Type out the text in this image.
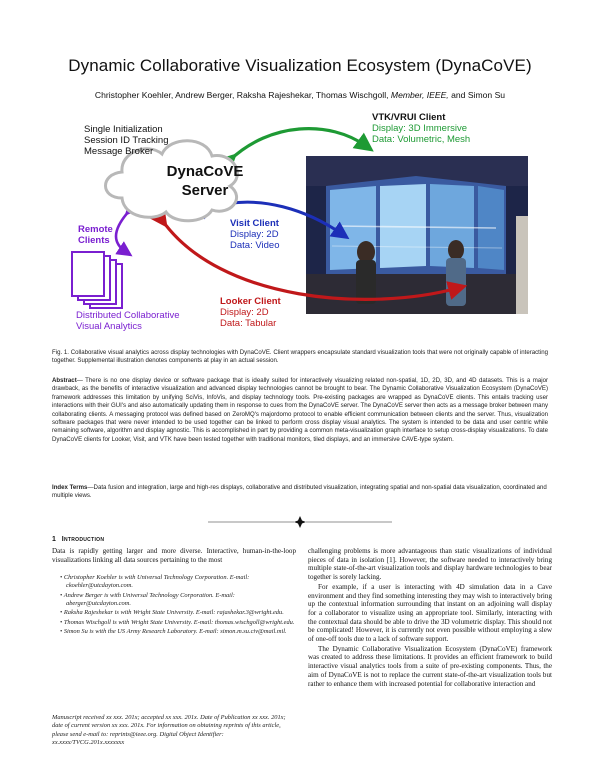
Dynamic Collaborative Visualization Ecosystem (DynaCoVE)
Christopher Koehler, Andrew Berger, Raksha Rajeshekar, Thomas Wischgoll, Member, IEEE, and Simon Su
Single Initialization
Session ID Tracking
Message Broker
DynaCoVE
Server
VTK/VRUI Client
Display: 3D Immersive
Data: Volumetric, Mesh
Visit Client
Display: 2D
Data: Video
Remote
Clients
Distributed Collaborative
Visual Analytics
Looker Client
Display: 2D
Data: Tabular
Fig. 1. Collaborative visual analytics across display technologies with DynaCoVE. Client wrappers encapsulate standard visualization tools that were not originally capable of interacting together. Supplemental illustration denotes components at play in an actual session.
Abstract— There is no one display device or software package that is ideally suited for interactively visualizing related non-spatial, 1D, 2D, 3D, and 4D datasets. This is a major drawback, as the benefits of interactive visualization and advanced display technologies cannot be brought to bear. The Dynamic Collaborative Visualization Ecosystem (DynaCoVE) framework addresses this limitation by unifying SciVis, InfoVis, and display technology tools. Pre-existing packages are wrapped as DynaCoVE clients. This entails tracking user interactions with their GUI's and also automatically updating them in response to cues from the DynaCoVE server. The DynaCoVE server then acts as a message broker between many collaborating clients. A messaging protocol was defined based on ZeroMQ's majordomo protocol to enable efficient communication between clients and the server. Thus, visualization software packages that were never intended to be used together can be linked to perform cross display visual analytics. The system is intended to be data and user centric while remaining software, algorithm and display agnostic. This is accomplished in part by providing a common meta-visualization graph interface to setup cross-display visualizations. To date DynaCoVE clients for Looker, Visit, and VTK have been tested together with traditional monitors, tiled displays, and an immersive CAVE-type system.
Index Terms—Data fusion and integration, large and high-res displays, collaborative and distributed visualization, integrating spatial and non-spatial data visualization, coordinated and multiple views.
1 Introduction
Data is rapidly getting larger and more diverse. Interactive, human-in-the-loop visualizations linking all data sources pertaining to the most
• Christopher Koehler is with Universal Technology Corporation. E-mail: ckoehler@utcdayton.com.
• Andrew Berger is with Universal Technology Corporation. E-mail: aberger@utcdayton.com.
• Raksha Rajeshekar is with Wright State University. E-mail: rajashekar.3@wright.edu.
• Thomas Wischgoll is with Wright State University. E-mail: thomas.wischgoll@wright.edu.
• Simon Su is with the US Army Research Laboratory. E-mail: simon.m.su.civ@mail.mil.
Manuscript received xx xxx. 201x; accepted xx xxx. 201x. Date of Publication xx xxx. 201x; date of current version xx xxx. 201x. For information on obtaining reprints of this article, please send e-mail to: reprints@ieee.org. Digital Object Identifier: xx.xxxx/TVCG.201x.xxxxxxx

challenging problems is more advantageous than static visualizations of individual pieces of data in isolation [1]. However, the software needed to interactively bring multiple state-of-the-art visualization tools and display hardware technologies to bear together is sorely lacking.

For example, if a user is interacting with 4D simulation data in a Cave environment and they find something interesting they may wish to interactively bring up the contextual information surrounding that instant on an adjoining wall display for a collaborator to visualize using an appropriate tool. Similarly, interacting with the contextual data should be able to drive the 3D volumetric display. This should not be complicated! However, it is currently not even possible without employing a slew of one-off tools due to a lack of software support.

The Dynamic Collaborative Visualization Ecosystem (DynaCoVE) framework was created to address these limitations. It provides an efficient framework to build interactive visual analytics tools from a suite of pre-existing components. Thus, the aim of DynaCoVE is not to replace the current state-of-the-art visualization tools but rather to enhance them with increased potential for collaborative interaction and
